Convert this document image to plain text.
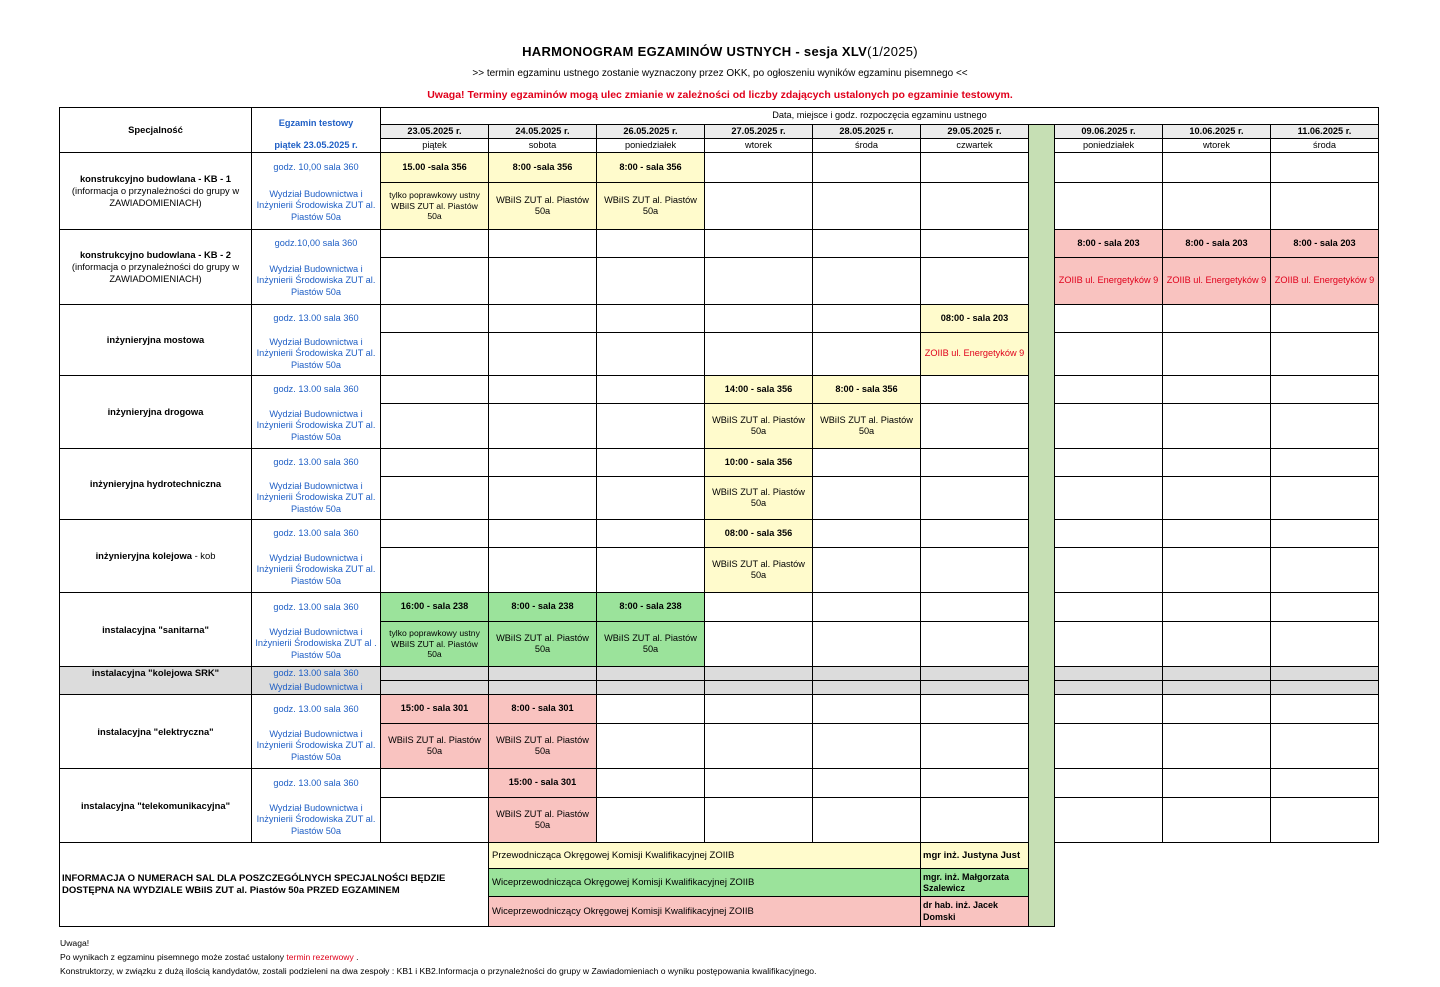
HARMONOGRAM EGZAMINÓW USTNYCH - sesja XLV(1/2025)
>> termin egzaminu ustnego zostanie wyznaczony przez OKK, po ogłoszeniu wyników egzaminu pisemnego <<
Uwaga! Terminy egzaminów mogą ulec zmianie w zależności od liczby zdających ustalonych po egzaminie testowym.
Specjalność	Egzamin testowy	Data, miejsce i godz. rozpoczęcia egzaminu ustnego									
		23.05.2025 r.	24.05.2025 r.	26.05.2025 r.	27.05.2025 r.	28.05.2025 r.	29.05.2025 r.		09.06.2025 r.	10.06.2025 r.	11.06.2025 r.
	piątek 23.05.2025 r.	piątek	sobota	poniedziałek	wtorek	środa	czwartek		poniedziałek	wtorek	środa
konstrukcyjno budowlana - KB - 1
(informacja o przynależności do grupy w ZAWIADOMIENIACH)	godz. 10,00 sala 360	15.00 -sala 356	8:00 -sala 356	8:00 - sala 356							
	Wydział Budownictwa i Inżynierii Środowiska ZUT al. Piastów 50a	tylko poprawkowy ustny WBiIS ZUT al. Piastów 50a	WBiIS ZUT al. Piastów 50a	WBiIS ZUT al. Piastów 50a							
konstrukcyjno budowlana - KB - 2
(informacja o przynależności do grupy w ZAWIADOMIENIACH)	godz.10,00 sala 360								8:00 - sala 203	8:00 - sala 203	8:00 - sala 203
	Wydział Budownictwa i Inżynierii Środowiska ZUT al. Piastów 50a								ZOIIB ul. Energetyków 9	ZOIIB ul. Energetyków 9	ZOIIB ul. Energetyków 9
inżynieryjna mostowa	godz. 13.00 sala 360						08:00 - sala 203				
	Wydział Budownictwa i Inżynierii Środowiska ZUT al. Piastów 50a						ZOIIB ul. Energetyków 9				
inżynieryjna drogowa	godz. 13.00 sala 360				14:00 - sala 356	8:00 - sala 356					
	Wydział Budownictwa i Inżynierii Środowiska ZUT al. Piastów 50a				WBiIS ZUT al. Piastów 50a	WBiIS ZUT al. Piastów 50a					
inżynieryjna hydrotechniczna	godz. 13.00 sala 360				10:00 - sala 356						
	Wydział Budownictwa i Inżynierii Środowiska ZUT al. Piastów 50a				WBiIS ZUT al. Piastów 50a						
inżynieryjna kolejowa - kob	godz. 13.00 sala 360				08:00 - sala 356						
	Wydział Budownictwa i Inżynierii Środowiska ZUT al. Piastów 50a				WBiIS ZUT al. Piastów 50a						
instalacyjna "sanitarna"	godz. 13.00 sala 360	16:00 - sala 238	8:00 - sala 238	8:00 - sala 238							
	Wydział Budownictwa i Inżynierii Środowiska ZUT al . Piastów 50a	tylko poprawkowy ustny WBiIS ZUT al. Piastów 50a	WBiIS ZUT al. Piastów 50a	WBiIS ZUT al. Piastów 50a							
instalacyjna "kolejowa SRK"	godz. 13.00 sala 360										
	Wydział Budownictwa i										
instalacyjna "elektryczna"	godz. 13.00 sala 360	15:00 - sala 301	8:00 - sala 301								
	Wydział Budownictwa i Inżynierii Środowiska ZUT al. Piastów 50a	WBiIS ZUT al. Piastów 50a	WBiIS ZUT al. Piastów 50a								
instalacyjna "telekomunikacyjna"	godz. 13.00 sala 360		15:00 - sala 301								
	Wydział Budownictwa i Inżynierii Środowiska ZUT al. Piastów 50a		WBiIS ZUT al. Piastów 50a								
INFORMACJA O NUMERACH SAL DLA POSZCZEGÓLNYCH SPECJALNOŚCI BĘDZIE DOSTĘPNA NA WYDZIALE WBiIS ZUT al. Piastów 50a PRZED EGZAMINEM			Przewodnicząca Okręgowej Komisji Kwalifikacyjnej ZOIIB				mgr inż. Justyna Just				
			Wiceprzewodnicząca Okręgowej Komisji Kwalifikacyjnej ZOIIB				mgr. inż. Małgorzata Szalewicz				
			Wiceprzewodniczący Okręgowej Komisji Kwalifikacyjnej ZOIIB				dr hab. inż. Jacek Domski				
Uwaga!
Po wynikach z egzaminu pisemnego może zostać ustalony termin rezerwowy .
Konstruktorzy, w związku z dużą ilością kandydatów, zostali podzieleni na dwa zespoły : KB1 i KB2.Informacja o przynależności do grupy w Zawiadomieniach o wyniku postępowania kwalifikacyjnego.
